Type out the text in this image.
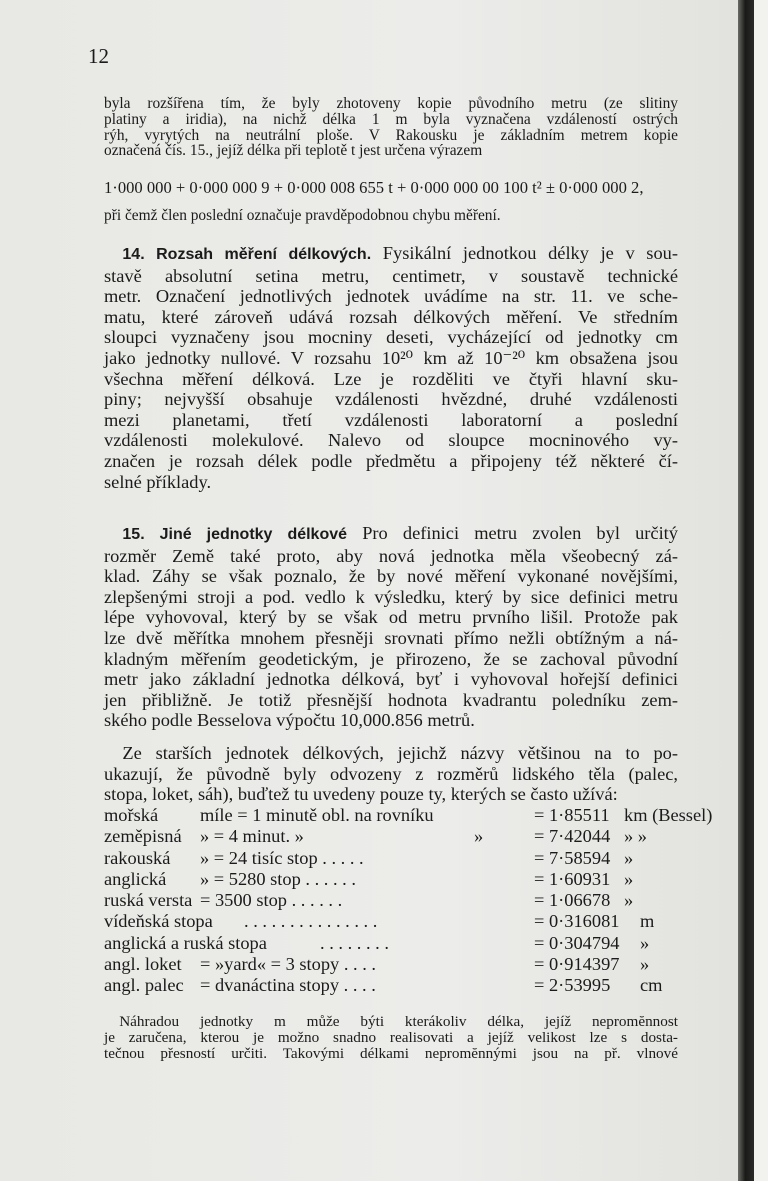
12
byla rozšířena tím, že byly zhotoveny kopie původního metru (ze slitiny
platiny a iridia), na nichž délka 1 m byla vyznačena vzdáleností ostrých
rýh, vyrytých na neutrální ploše. V Rakousku je základním metrem kopie
označená čís. 15., jejíž délka při teplotě t jest určena výrazem
1·000 000 + 0·000 000 9 + 0·000 008 655 t + 0·000 000 00 100 t² ± 0·000 000 2,
při čemž člen poslední označuje pravděpodobnou chybu měření.
 14. Rozsah měření délkových. Fysikální jednotkou délky je v sou-
stavě absolutní setina metru, centimetr, v soustavě technické
metr. Označení jednotlivých jednotek uvádíme na str. 11. ve sche-
matu, které zároveň udává rozsah délkových měření. Ve středním
sloupci vyznačeny jsou mocniny deseti, vycházející od jednotky cm
jako jednotky nullové. V rozsahu 10²⁰ km až 10⁻²⁰ km obsažena jsou
všechna měření délková. Lze je rozděliti ve čtyři hlavní sku-
piny; nejvyšší obsahuje vzdálenosti hvězdné, druhé vzdálenosti
mezi planetami, třetí vzdálenosti laboratorní a poslední
vzdálenosti molekulové. Nalevo od sloupce mocninového vy-
značen je rozsah délek podle předmětu a připojeny též některé čí-
selné příklady.
 15. Jiné jednotky délkové Pro definici metru zvolen byl určitý
rozměr Země také proto, aby nová jednotka měla všeobecný zá-
klad. Záhy se však poznalo, že by nové měření vykonané novějšími,
zlepšenými stroji a pod. vedlo k výsledku, který by sice definici metru
lépe vyhovoval, který by se však od metru prvního lišil. Protože pak
lze dvě měřítka mnohem přesněji srovnati přímo nežli obtížným a ná-
kladným měřením geodetickým, je přirozeno, že se zachoval původní
metr jako základní jednotka délková, byť i vyhovoval hořejší definici
jen přibližně. Je totiž přesnější hodnota kvadrantu poledníku zem-
ského podle Besselova výpočtu 10,000.856 metrů.
 Ze starších jednotek délkových, jejichž názvy většinou na to po-
ukazují, že původně byly odvozeny z rozměrů lidského těla (palec,
stopa, loket, sáh), buďtež tu uvedeny pouze ty, kterých se často užívá:
mořská míle = 1 minutě obl. na rovníku	= 1·85511 km (Bessel)
zeměpisná » = 4 minut. »	»	= 7·42044 » »
rakouská » = 24 tisíc stop . . . . .	= 7·58594 »
anglická » = 5280 stop . . . . . .	= 1·60931 »
ruská versta = 3500 stop . . . . . .	= 1·06678 »
vídeňská stopa . . . . . . . . . . . . . . .	= 0·316081 m
anglická a ruská stopa	. . . . . . . .	= 0·304794 »
angl. loket = »yard« = 3 stopy . . . .	= 0·914397 »
angl. palec = dvanáctina stopy . . . .	= 2·53995 cm
 Náhradou jednotky m může býti kterákoliv délka, jejíž nepromĕnnost
je zaručena, kterou je možno snadno realisovati a jejíž velikost lze s dosta-
tečnou přesností určiti. Takovými délkami nepromĕnnými jsou na př. vlnové
